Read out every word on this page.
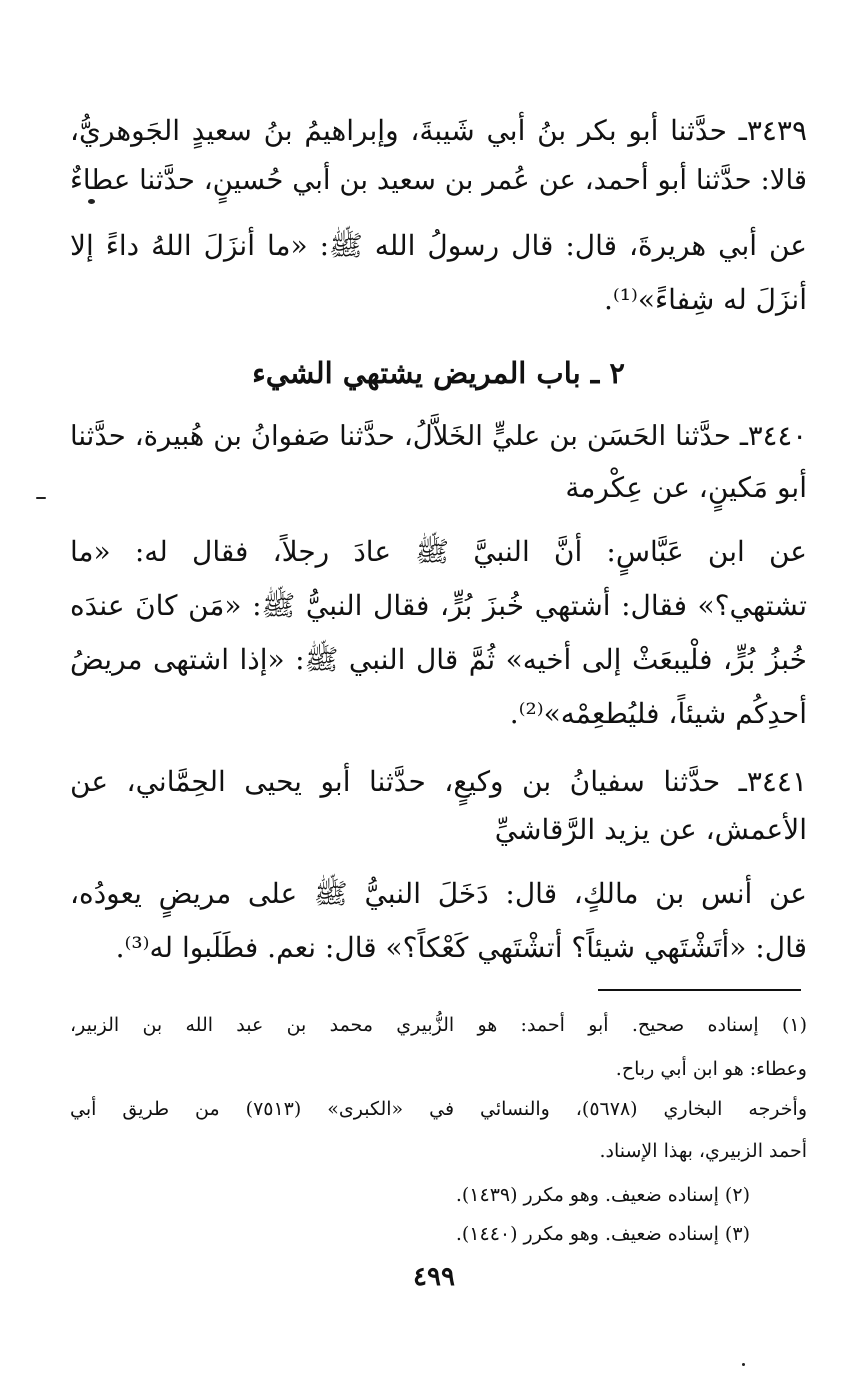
٣٤٣٩ـ حدَّثنا أبو بكر بنُ أبي شَيبةَ، وإبراهيمُ بنُ سعيدٍ الجَوهريُّ،
قالا: حدَّثنا أبو أحمد، عن عُمر بن سعيد بن أبي حُسينٍ، حدَّثنا عطاءٌ
عن أبي هريرةَ، قال: قال رسولُ الله ﷺ: «ما أنزَلَ اللهُ داءً إلا
أنزَلَ له شِفاءً»⁽¹⁾.
٢ ـ باب المريض يشتهي الشيء
٣٤٤٠ـ حدَّثنا الحَسَن بن عليٍّ الخَلاَّلُ، حدَّثنا صَفوانُ بن هُبيرة، حدَّثنا
أبو مَكينٍ، عن عِكْرمة
عن ابن عَبَّاسٍ: أنَّ النبيَّ ﷺ عادَ رجلاً، فقال له: «ما
تشتهي؟» فقال: أشتهي خُبزَ بُرٍّ، فقال النبيُّ ﷺ: «مَن كانَ عندَه
خُبزُ بُرٍّ، فلْيبعَثْ إلى أخيه» ثُمَّ قال النبي ﷺ: «إذا اشتهى مريضُ
أحدِكُم شيئاً، فليُطعِمْه»⁽²⁾.
٣٤٤١ـ حدَّثنا سفيانُ بن وكيعٍ، حدَّثنا أبو يحيى الحِمَّاني، عن
الأعمش، عن يزيد الرَّقاشيِّ
عن أنس بن مالكٍ، قال: دَخَلَ النبيُّ ﷺ على مريضٍ يعودُه،
قال: «أتَشْتَهي شيئاً؟ أتشْتَهي كَعْكاً؟» قال: نعم. فطَلَبوا له⁽³⁾.
(١) إسناده صحيح. أبو أحمد: هو الزُّبيري محمد بن عبد الله بن الزبير،
وعطاء: هو ابن أبي رباح.
وأخرجه البخاري (٥٦٧٨)، والنسائي في «الكبرى» (٧٥١٣) من طريق أبي
أحمد الزبيري، بهذا الإسناد.
(٢) إسناده ضعيف. وهو مكرر (١٤٣٩).
(٣) إسناده ضعيف. وهو مكرر (١٤٤٠).
٤٩٩
